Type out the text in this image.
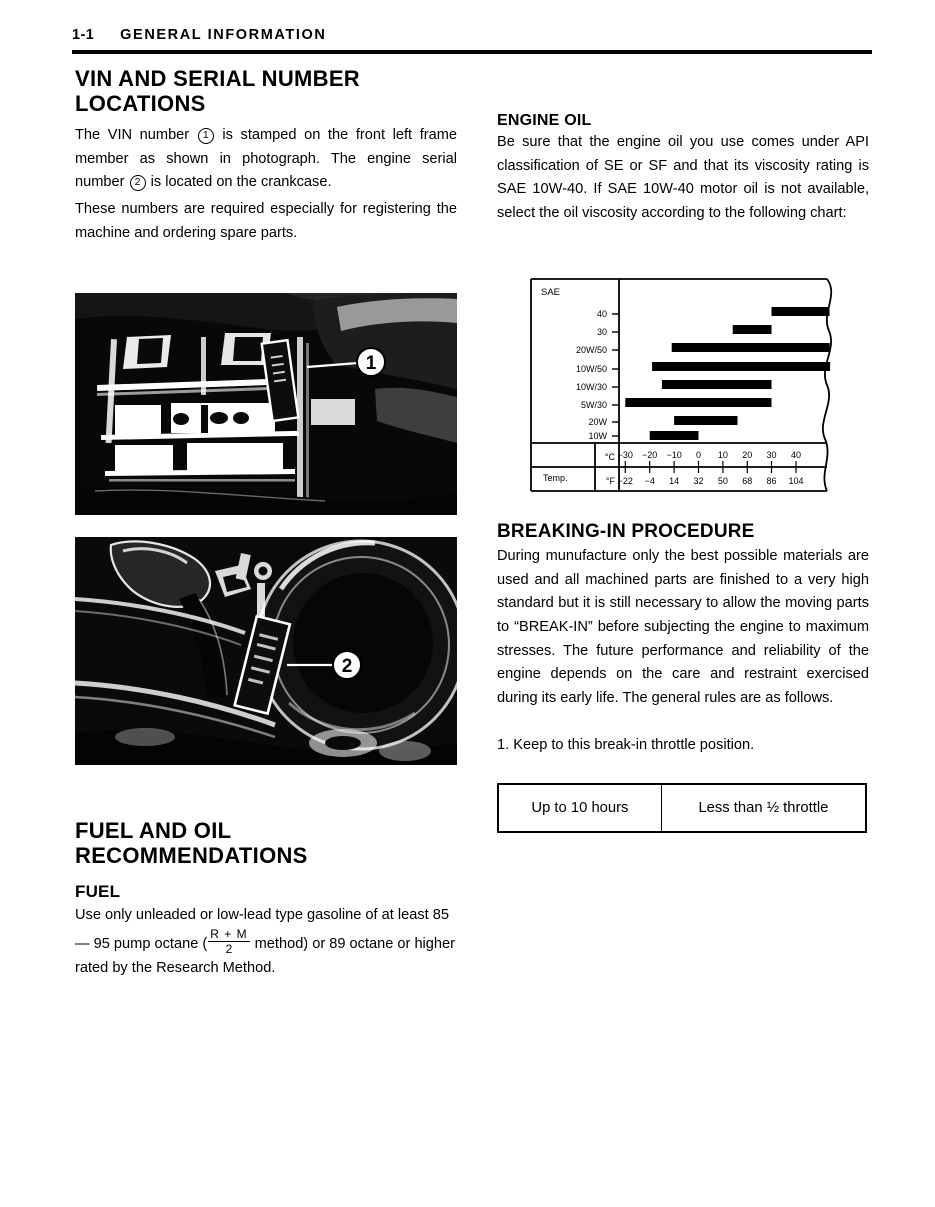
1-1 GENERAL INFORMATION
VIN AND SERIAL NUMBER
LOCATIONS

The VIN number 1 is stamped on the front left frame member as shown in photograph. The engine serial number 2 is located on the crankcase.

These numbers are required especially for registering the machine and ordering spare parts.

1
2
FUEL AND OIL
RECOMMENDATIONS
FUEL

Use only unleaded or low-lead type gasoline of at least 85 — 95 pump octane ( $\frac{R + M}{2}$ method) or 89 octane or higher rated by the Research Method.

ENGINE OIL

Be sure that the engine oil you use comes under API classification of SE or SF and that its viscosity rating is SAE 10W-40. If SAE 10W-40 motor oil is not available, select the oil viscosity according to the following chart:

SAE
40
30
20W/50
10W/50
10W/30
5W/30
20W
10W
Temp.
°C
°F
−30 −20 −10 0 10 20 30 40
−22 −4 14 32 50 68 86 104
BREAKING-IN PROCEDURE

During munufacture only the best possible materials are used and all machined parts are finished to a very high standard but it is still necessary to allow the moving parts to “BREAK-IN” before subjecting the engine to maximum stresses. The future performance and reliability of the engine depends on the care and restraint exercised during its early life. The general rules are as follows.

1. Keep to this break-in throttle position.

Up to 10 hours	Less than ½ throttle
